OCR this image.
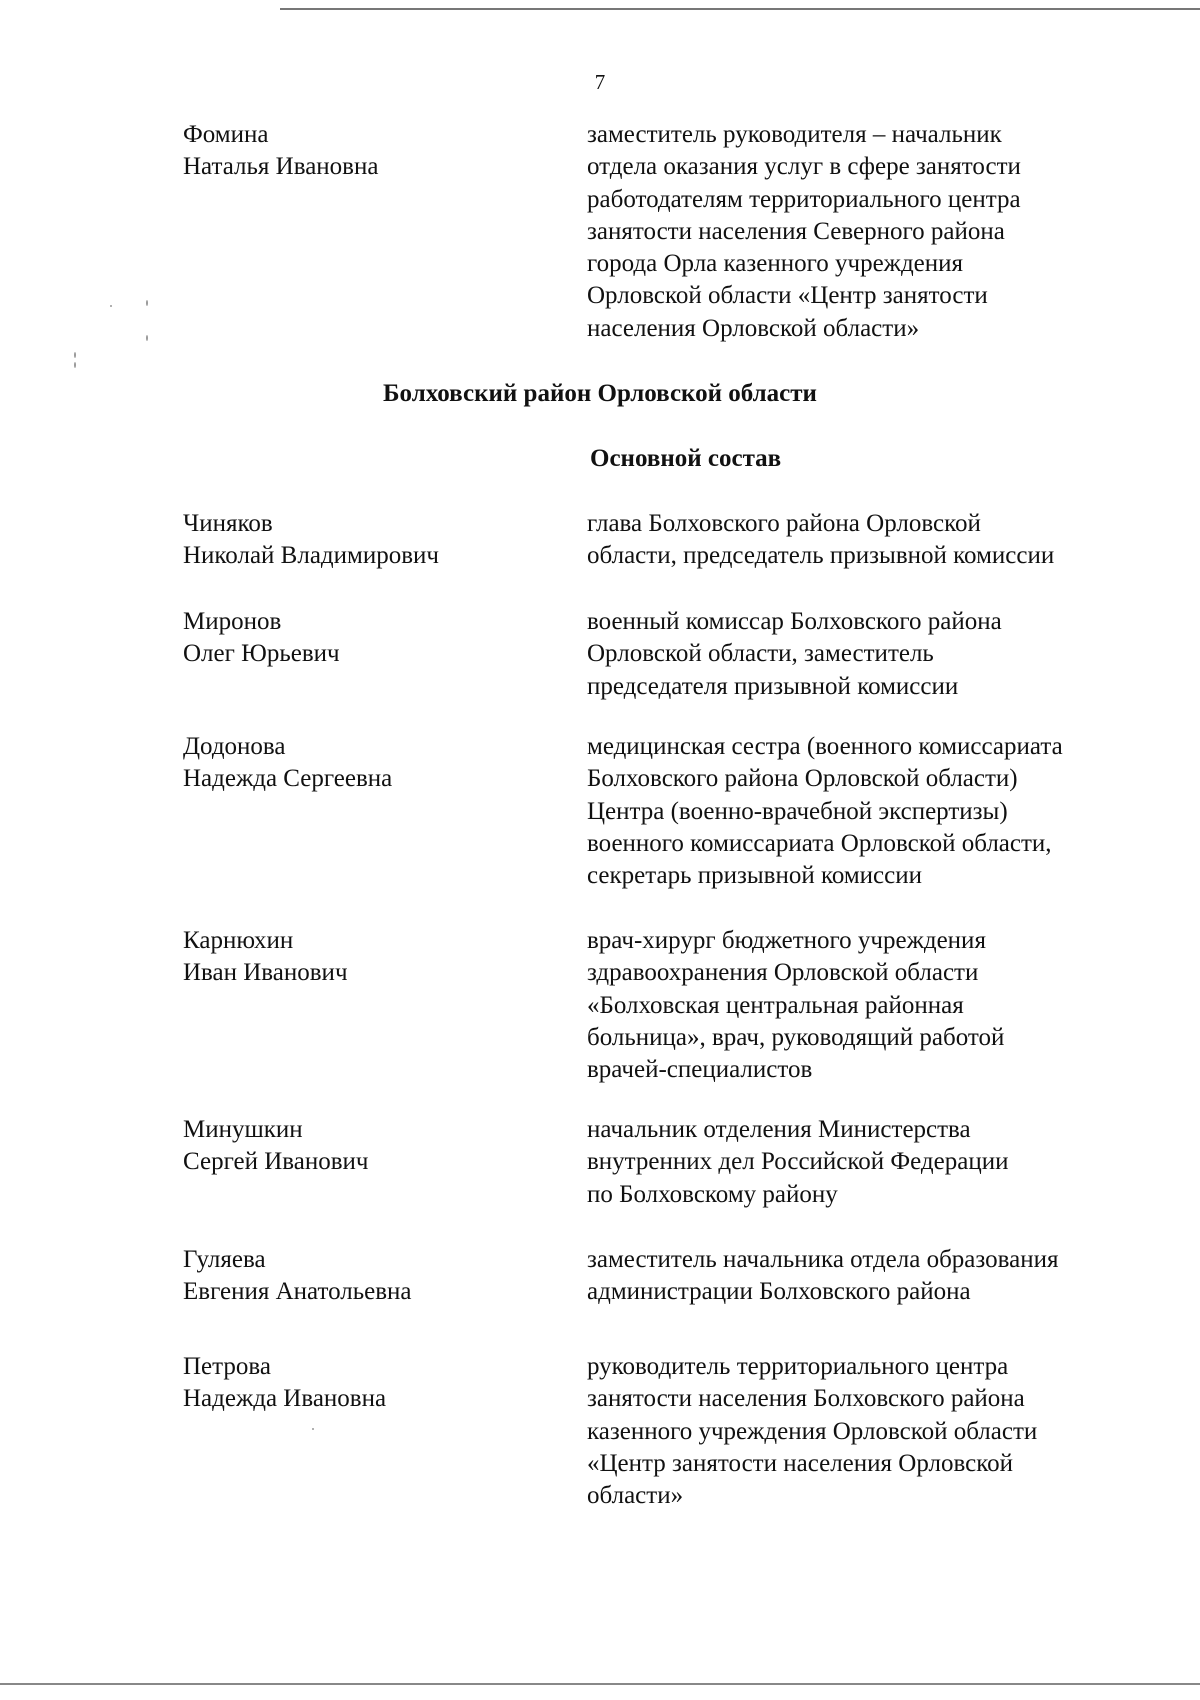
7
Фомина
Наталья Ивановна
заместитель руководителя – начальник
отдела оказания услуг в сфере занятости
работодателям территориального центра
занятости населения Северного района
города Орла казенного учреждения
Орловской области «Центр занятости
населения Орловской области»
Болховский район Орловской области
Основной состав
Чиняков
Николай Владимирович
глава Болховского района Орловской
области, председатель призывной комиссии
Миронов
Олег Юрьевич
военный комиссар Болховского района
Орловской области, заместитель
председателя призывной комиссии
Додонова
Надежда Сергеевна
медицинская сестра (военного комиссариата
Болховского района Орловской области)
Центра (военно-врачебной экспертизы)
военного комиссариата Орловской области,
секретарь призывной комиссии
Карнюхин
Иван Иванович
врач-хирург бюджетного учреждения
здравоохранения Орловской области
«Болховская центральная районная
больница», врач, руководящий работой
врачей-специалистов
Минушкин
Сергей Иванович
начальник отделения Министерства
внутренних дел Российской Федерации
по Болховскому району
Гуляева
Евгения Анатольевна
заместитель начальника отдела образования
администрации Болховского района
Петрова
Надежда Ивановна
руководитель территориального центра
занятости населения Болховского района
казенного учреждения Орловской области
«Центр занятости населения Орловской
области»
